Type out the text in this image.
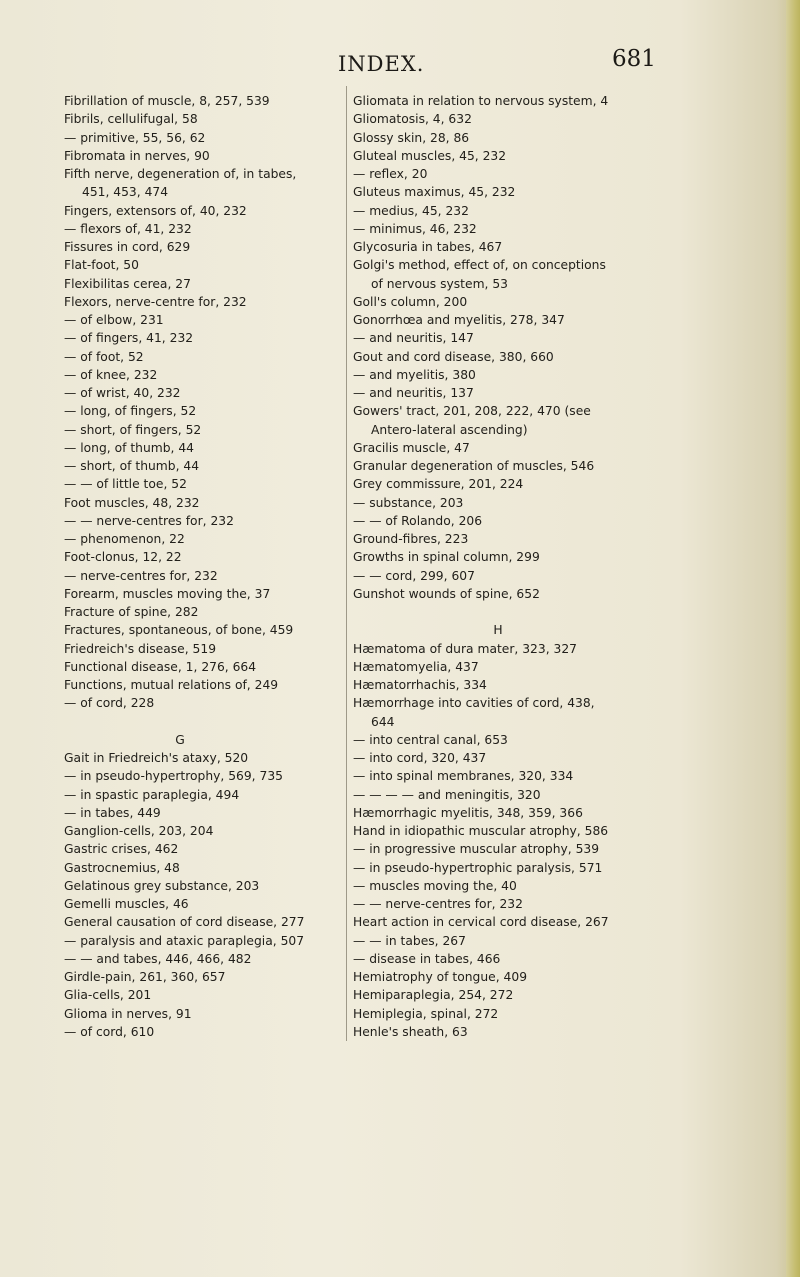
INDEX.	681
Fibrillation of muscle, 8, 257, 539
Fibrils, cellulifugal, 58
— primitive, 55, 56, 62
Fibromata in nerves, 90
Fifth nerve, degeneration of, in tabes,
451, 453, 474
Fingers, extensors of, 40, 232
— flexors of, 41, 232
Fissures in cord, 629
Flat-foot, 50
Flexibilitas cerea, 27
Flexors, nerve-centre for, 232
— of elbow, 231
— of fingers, 41, 232
— of foot, 52
— of knee, 232
— of wrist, 40, 232
— long, of fingers, 52
— short, of fingers, 52
— long, of thumb, 44
— short, of thumb, 44
— — of little toe, 52
Foot muscles, 48, 232
— — nerve-centres for, 232
— phenomenon, 22
Foot-clonus, 12, 22
— nerve-centres for, 232
Forearm, muscles moving the, 37
Fracture of spine, 282
Fractures, spontaneous, of bone, 459
Friedreich's disease, 519
Functional disease, 1, 276, 664
Functions, mutual relations of, 249
— of cord, 228
G
Gait in Friedreich's ataxy, 520
— in pseudo-hypertrophy, 569, 735
— in spastic paraplegia, 494
— in tabes, 449
Ganglion-cells, 203, 204
Gastric crises, 462
Gastrocnemius, 48
Gelatinous grey substance, 203
Gemelli muscles, 46
General causation of cord disease, 277
— paralysis and ataxic paraplegia, 507
— — and tabes, 446, 466, 482
Girdle-pain, 261, 360, 657
Glia-cells, 201
Glioma in nerves, 91
— of cord, 610
Gliomata in relation to nervous system, 4
Gliomatosis, 4, 632
Glossy skin, 28, 86
Gluteal muscles, 45, 232
— reflex, 20
Gluteus maximus, 45, 232
— medius, 45, 232
— minimus, 46, 232
Glycosuria in tabes, 467
Golgi's method, effect of, on conceptions
of nervous system, 53
Goll's column, 200
Gonorrhœa and myelitis, 278, 347
— and neuritis, 147
Gout and cord disease, 380, 660
— and myelitis, 380
— and neuritis, 137
Gowers' tract, 201, 208, 222, 470 (see
Antero-lateral ascending)
Gracilis muscle, 47
Granular degeneration of muscles, 546
Grey commissure, 201, 224
— substance, 203
— — of Rolando, 206
Ground-fibres, 223
Growths in spinal column, 299
— — cord, 299, 607
Gunshot wounds of spine, 652
H
Hæmatoma of dura mater, 323, 327
Hæmatomyelia, 437
Hæmatorrhachis, 334
Hæmorrhage into cavities of cord, 438,
644
— into central canal, 653
— into cord, 320, 437
— into spinal membranes, 320, 334
— — — — and meningitis, 320
Hæmorrhagic myelitis, 348, 359, 366
Hand in idiopathic muscular atrophy, 586
— in progressive muscular atrophy, 539
— in pseudo-hypertrophic paralysis, 571
— muscles moving the, 40
— — nerve-centres for, 232
Heart action in cervical cord disease, 267
— — in tabes, 267
— disease in tabes, 466
Hemiatrophy of tongue, 409
Hemiparaplegia, 254, 272
Hemiplegia, spinal, 272
Henle's sheath, 63
